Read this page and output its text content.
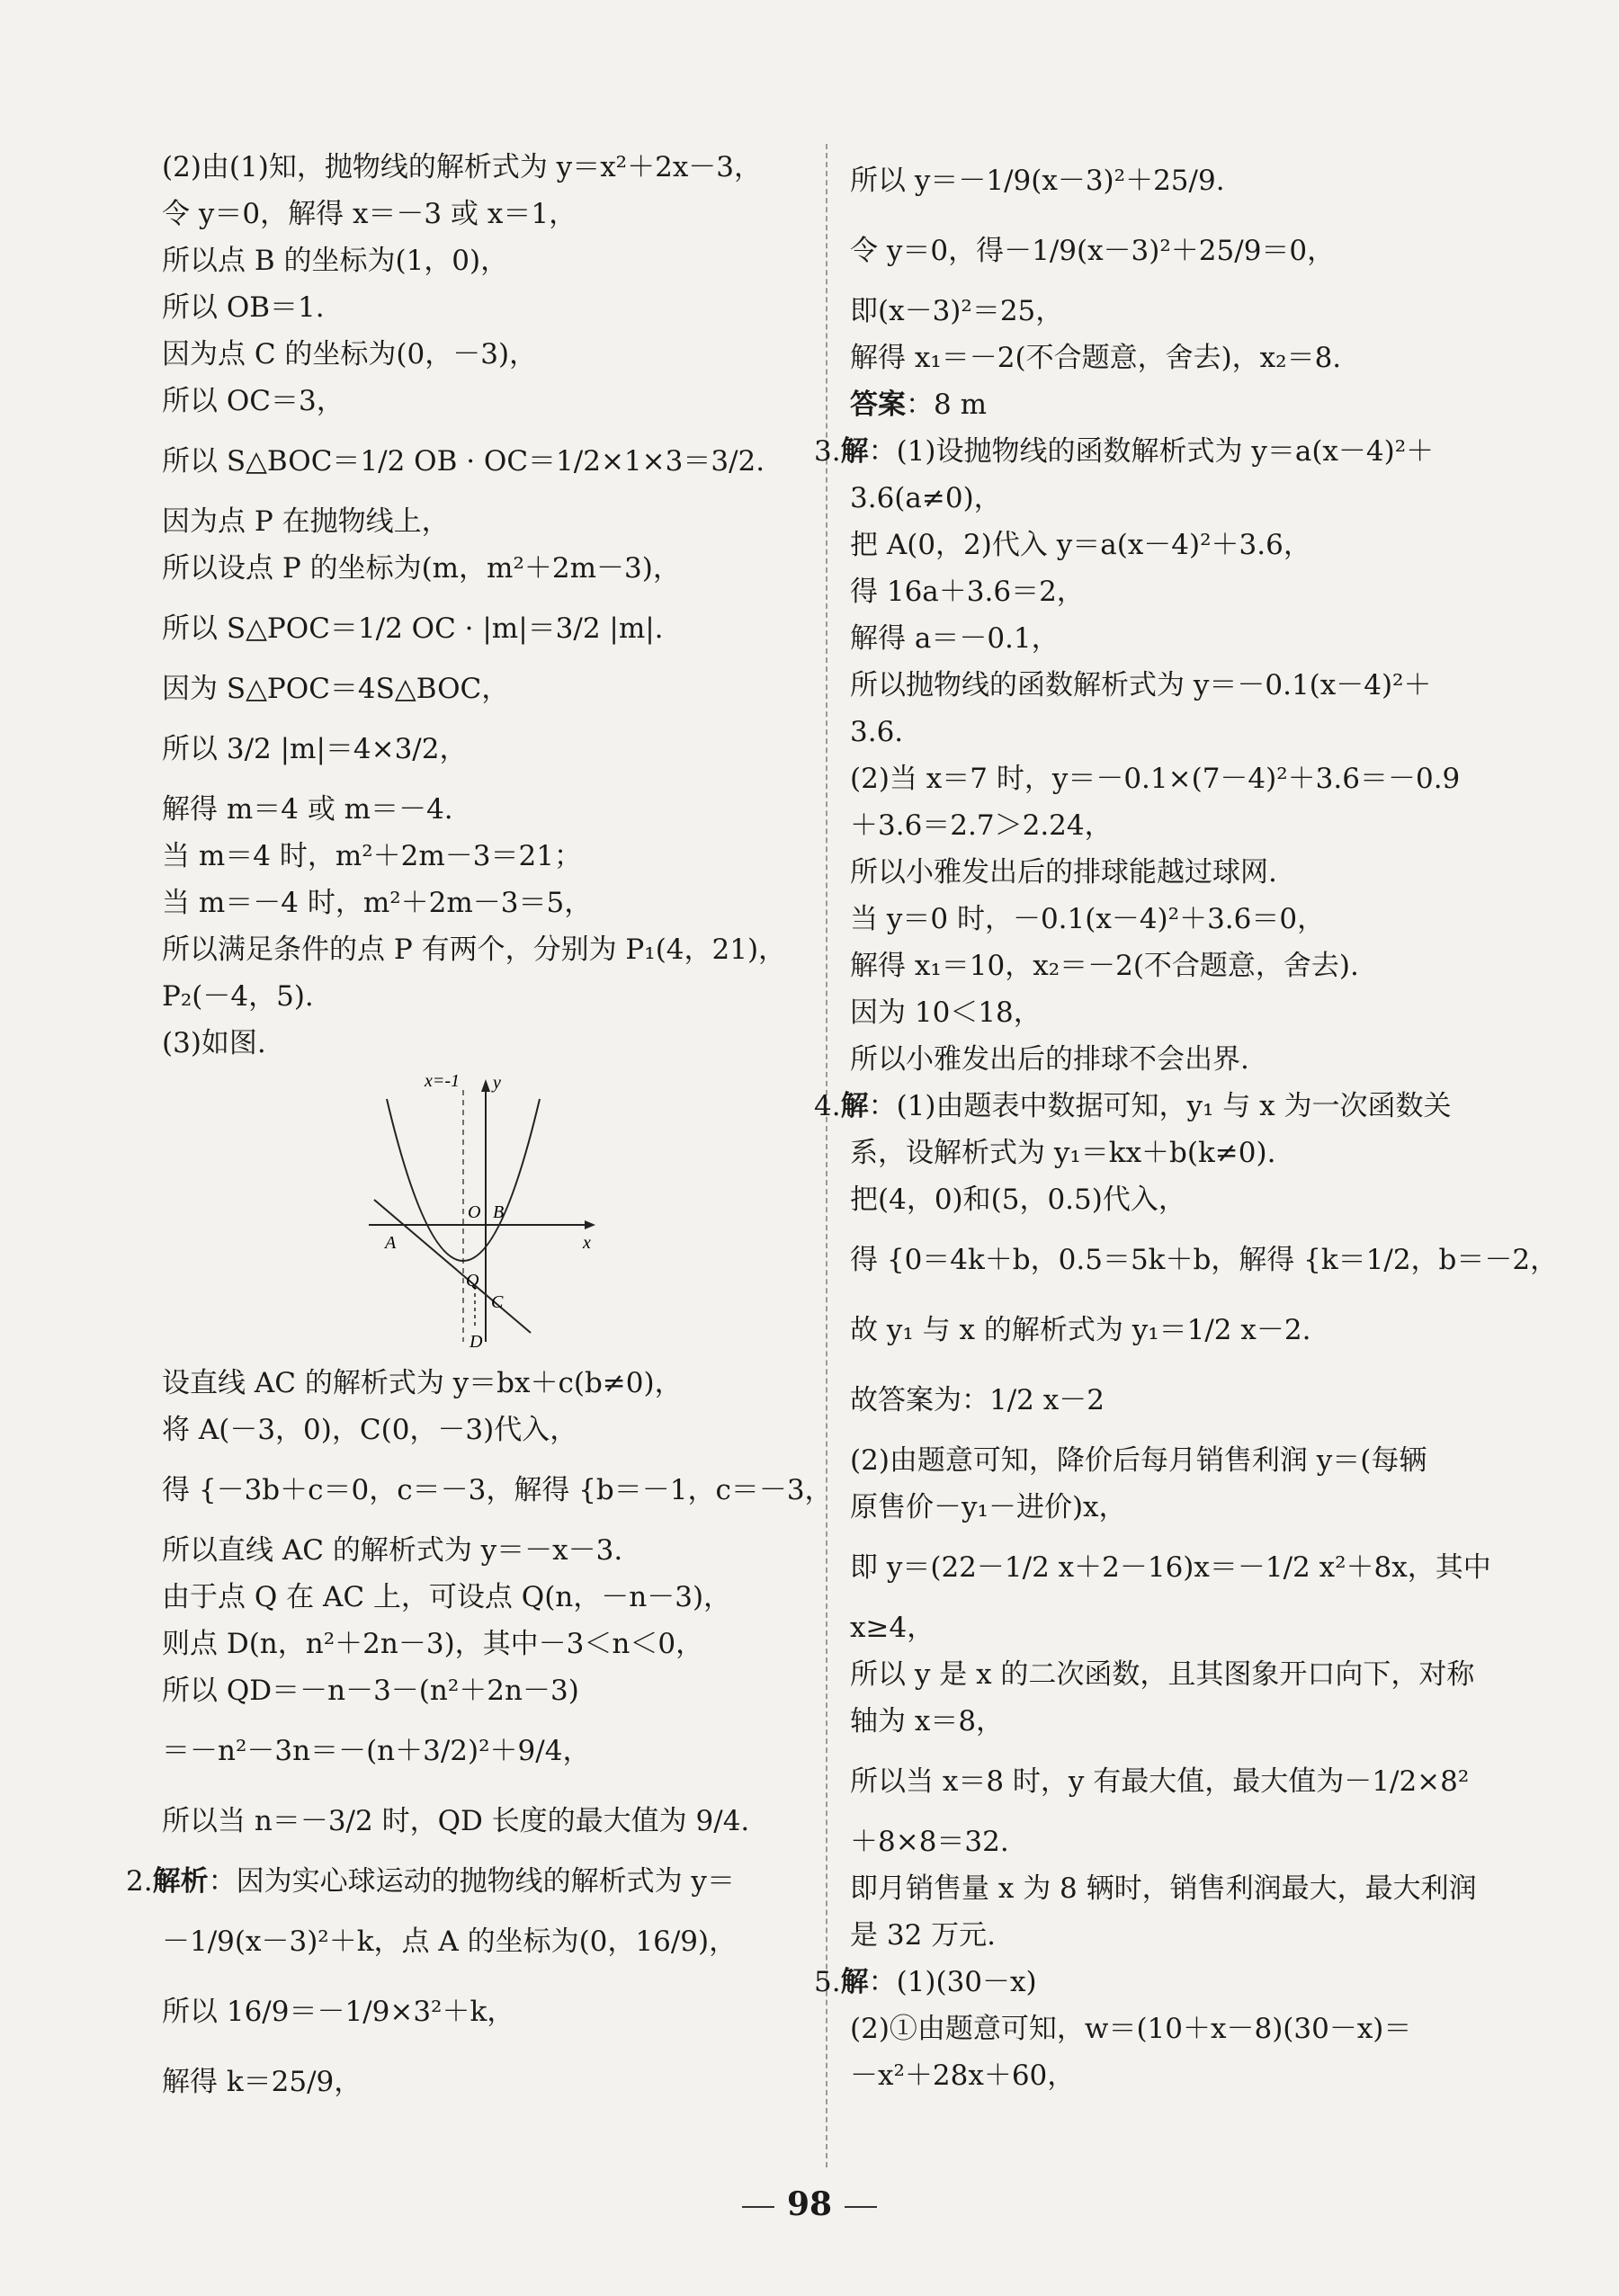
(2)由(1)知，抛物线的解析式为 y＝x²＋2x－3，
令 y＝0，解得 x＝－3 或 x＝1，
所以点 B 的坐标为(1，0)，
所以 OB＝1.
因为点 C 的坐标为(0，－3)，
所以 OC＝3，
所以 S△BOC＝1/2 OB · OC＝1/2×1×3＝3/2.
因为点 P 在抛物线上，
所以设点 P 的坐标为(m，m²＋2m－3)，
所以 S△POC＝1/2 OC · |m|＝3/2 |m|.
因为 S△POC＝4S△BOC，
所以 3/2 |m|＝4×3/2，
解得 m＝4 或 m＝－4.
当 m＝4 时，m²＋2m－3＝21；
当 m＝－4 时，m²＋2m－3＝5，
所以满足条件的点 P 有两个，分别为 P₁(4，21)，
P₂(－4，5).
(3)如图.
x=-1 y
x
O B
A
Q
C
D
设直线 AC 的解析式为 y＝bx＋c(b≠0)，
将 A(－3，0)，C(0，－3)代入，
得 {－3b＋c＝0，c＝－3，解得 {b＝－1，c＝－3，
所以直线 AC 的解析式为 y＝－x－3.
由于点 Q 在 AC 上，可设点 Q(n，－n－3)，
则点 D(n，n²＋2n－3)，其中－3＜n＜0，
所以 QD＝－n－3－(n²＋2n－3)
＝－n²－3n＝－(n＋3/2)²＋9/4，
所以当 n＝－3/2 时，QD 长度的最大值为 9/4.
2.解析：因为实心球运动的抛物线的解析式为 y＝
－1/9(x－3)²＋k，点 A 的坐标为(0，16/9)，
所以 16/9＝－1/9×3²＋k，
解得 k＝25/9，
所以 y＝－1/9(x－3)²＋25/9.
令 y＝0，得－1/9(x－3)²＋25/9＝0，
即(x－3)²＝25，
解得 x₁＝－2(不合题意，舍去)，x₂＝8.
答案：8 m
3.解：(1)设抛物线的函数解析式为 y＝a(x－4)²＋
3.6(a≠0)，
把 A(0，2)代入 y＝a(x－4)²＋3.6，
得 16a＋3.6＝2，
解得 a＝－0.1，
所以抛物线的函数解析式为 y＝－0.1(x－4)²＋
3.6.
(2)当 x＝7 时，y＝－0.1×(7－4)²＋3.6＝－0.9
＋3.6＝2.7＞2.24，
所以小雅发出后的排球能越过球网.
当 y＝0 时，－0.1(x－4)²＋3.6＝0，
解得 x₁＝10，x₂＝－2(不合题意，舍去).
因为 10＜18，
所以小雅发出后的排球不会出界.
4.解：(1)由题表中数据可知，y₁ 与 x 为一次函数关
系，设解析式为 y₁＝kx＋b(k≠0).
把(4，0)和(5，0.5)代入，
得 {0＝4k＋b，0.5＝5k＋b，解得 {k＝1/2，b＝－2，
故 y₁ 与 x 的解析式为 y₁＝1/2 x－2.
故答案为：1/2 x－2
(2)由题意可知，降价后每月销售利润 y＝(每辆
原售价－y₁－进价)x，
即 y＝(22－1/2 x＋2－16)x＝－1/2 x²＋8x，其中
x≥4，
所以 y 是 x 的二次函数，且其图象开口向下，对称
轴为 x＝8，
所以当 x＝8 时，y 有最大值，最大值为－1/2×8²
＋8×8＝32.
即月销售量 x 为 8 辆时，销售利润最大，最大利润
是 32 万元.
5.解：(1)(30－x)
(2)①由题意可知，w＝(10＋x－8)(30－x)＝
－x²＋28x＋60，
98
